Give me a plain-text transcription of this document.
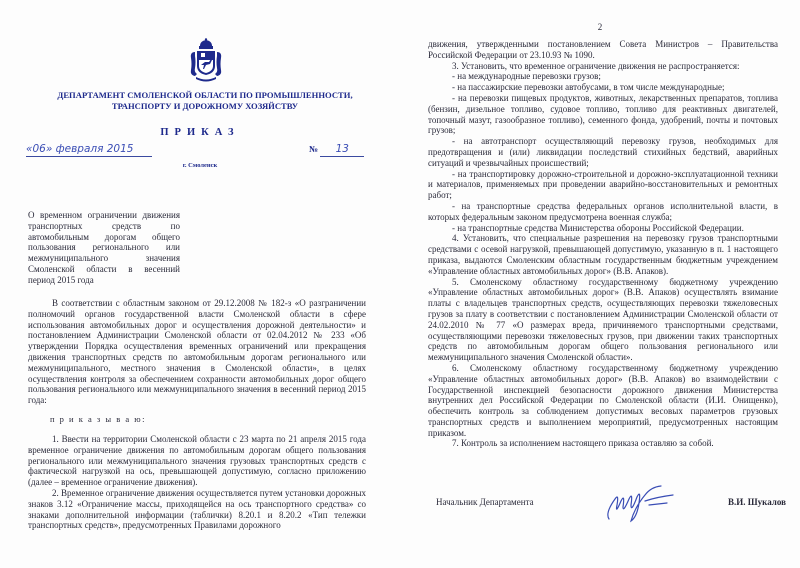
ДЕПАРТАМЕНТ СМОЛЕНСКОЙ ОБЛАСТИ ПО ПРОМЫШЛЕННОСТИ,
ТРАНСПОРТУ И ДОРОЖНОМУ ХОЗЯЙСТВУ
ПРИКАЗ
«06» февраля 2015	№ 13
г. Смоленск
О временном ограничении движения транспортных средств по автомобильным дорогам общего пользования регионального или межмуниципального значения Смоленской области в весенний период 2015 года
В соответствии с областным законом от 29.12.2008 № 182-з «О разграничении полномочий органов государственной власти Смоленской области в сфере использования автомобильных дорог и осуществления дорожной деятельности» и постановлением Администрации Смоленской области от 02.04.2012 № 233 «Об утверждении Порядка осуществления временных ограничений или прекращения движения транспортных средств по автомобильным дорогам регионального или межмуниципального, местного значения в Смоленской области», в целях осуществления контроля за обеспечением сохранности автомобильных дорог общего пользования регионального или межмуниципального значения в весенний период 2015 года:
п р и к а з ы в а ю:

1. Ввести на территории Смоленской области с 23 марта по 21 апреля 2015 года временное ограничение движения по автомобильным дорогам общего пользования регионального или межмуниципального значения грузовых транспортных средств с фактической нагрузкой на ось, превышающей допустимую, согласно приложению (далее – временное ограничение движения).

2. Временное ограничение движения осуществляется путем установки дорожных знаков 3.12 «Ограничение массы, приходящейся на ось транспортного средства» со знаками дополнительной информации (таблички) 8.20.1 и 8.20.2 «Тип тележки транспортных средств», предусмотренных Правилами дорожного

2

движения, утвержденными постановлением Совета Министров – Правительства Российской Федерации от 23.10.93 № 1090.

3. Установить, что временное ограничение движения не распространяется:

- на международные перевозки грузов;

- на пассажирские перевозки автобусами, в том числе международные;

- на перевозки пищевых продуктов, животных, лекарственных препаратов, топлива (бензин, дизельное топливо, судовое топливо, топливо для реактивных двигателей, топочный мазут, газообразное топливо), семенного фонда, удобрений, почты и почтовых грузов;

- на автотранспорт осуществляющий перевозку грузов, необходимых для предотвращения и (или) ликвидации последствий стихийных бедствий, аварийных ситуаций и чрезвычайных происшествий;

- на транспортировку дорожно-строительной и дорожно-эксплуатационной техники и материалов, применяемых при проведении аварийно-восстановительных и ремонтных работ;

- на транспортные средства федеральных органов исполнительной власти, в которых федеральным законом предусмотрена военная служба;

- на транспортные средства Министерства обороны Российской Федерации.

4. Установить, что специальные разрешения на перевозку грузов транспортными средствами с осевой нагрузкой, превышающей допустимую, указанную в п. 1 настоящего приказа, выдаются Смоленским областным государственным бюджетным учреждением «Управление областных автомобильных дорог» (В.В. Апаков).

5. Смоленскому областному государственному бюджетному учреждению «Управление областных автомобильных дорог» (В.В. Апаков) осуществлять взимание платы с владельцев транспортных средств, осуществляющих перевозки тяжеловесных грузов за плату в соответствии с постановлением Администрации Смоленской области от 24.02.2010 № 77 «О размерах вреда, причиняемого транспортными средствами, осуществляющими перевозки тяжеловесных грузов, при движении таких транспортных средств по автомобильным дорогам общего пользования регионального или межмуниципального значения Смоленской области».

6. Смоленскому областному государственному бюджетному учреждению «Управление областных автомобильных дорог» (В.В. Апаков) во взаимодействии с Государственной инспекцией безопасности дорожного движения Министерства внутренних дел Российской Федерации по Смоленской области (И.И. Онищенко), обеспечить контроль за соблюдением допустимых весовых параметров грузовых транспортных средств и выполнением мероприятий, предусмотренных настоящим приказом.

7. Контроль за исполнением настоящего приказа оставляю за собой.

Начальник Департамента	В.И. Шукалов
